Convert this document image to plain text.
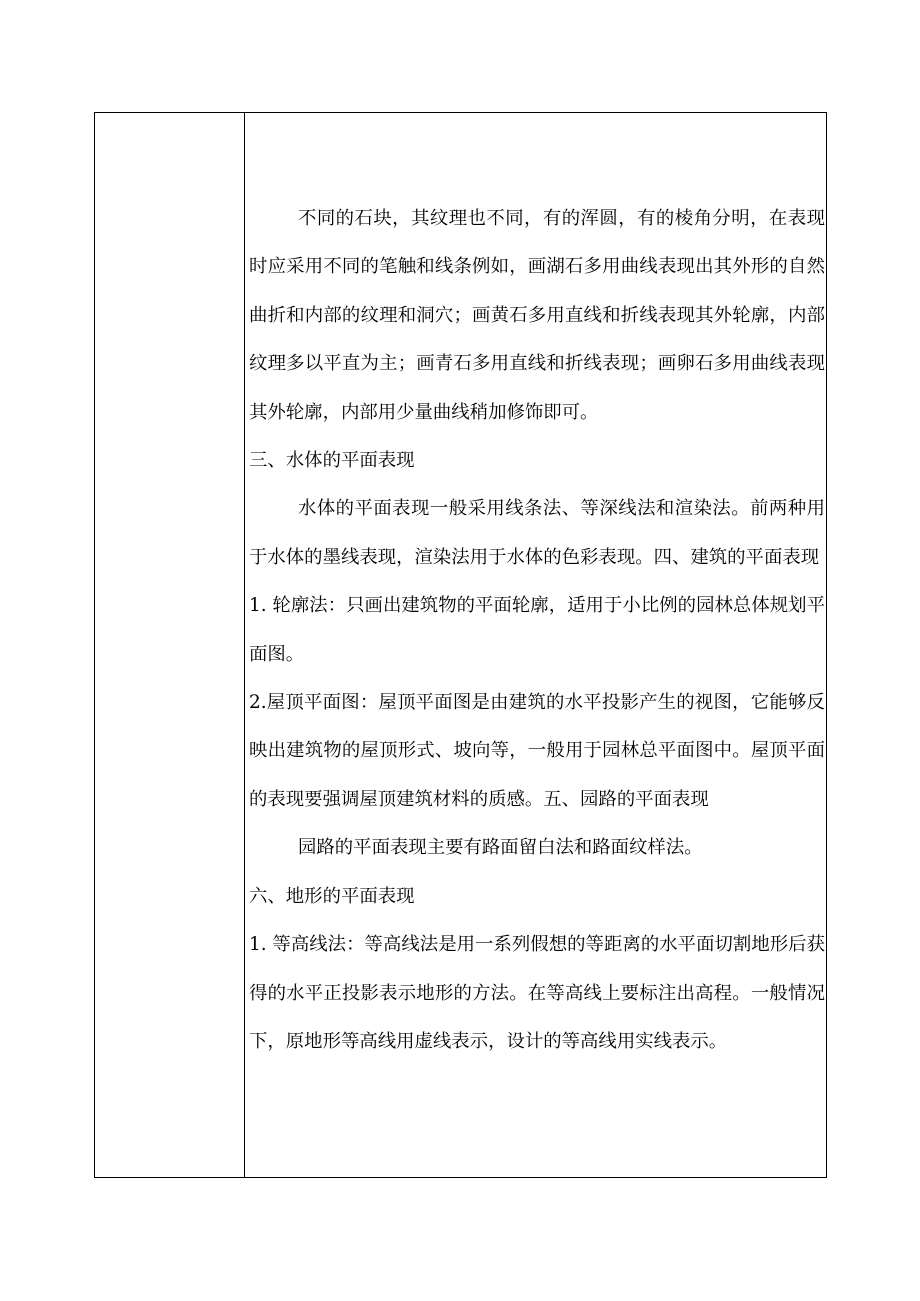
不同的石块，其纹理也不同，有的浑圆，有的棱角分明，在表现时应采用不同的笔触和线条例如，画湖石多用曲线表现出其外形的自然曲折和内部的纹理和洞穴；画黄石多用直线和折线表现其外轮廓，内部纹理多以平直为主；画青石多用直线和折线表现；画卵石多用曲线表现其外轮廓，内部用少量曲线稍加修饰即可。

三、水体的平面表现

水体的平面表现一般采用线条法、等深线法和渲染法。前两种用于水体的墨线表现，渲染法用于水体的色彩表现。四、建筑的平面表现

1. 轮廓法：只画出建筑物的平面轮廓，适用于小比例的园林总体规划平面图。

2.屋顶平面图：屋顶平面图是由建筑的水平投影产生的视图，它能够反映出建筑物的屋顶形式、坡向等，一般用于园林总平面图中。屋顶平面的表现要强调屋顶建筑材料的质感。五、园路的平面表现

园路的平面表现主要有路面留白法和路面纹样法。

六、地形的平面表现

1. 等高线法：等高线法是用一系列假想的等距离的水平面切割地形后获得的水平正投影表示地形的方法。在等高线上要标注出高程。一般情况下，原地形等高线用虚线表示，设计的等高线用实线表示。
